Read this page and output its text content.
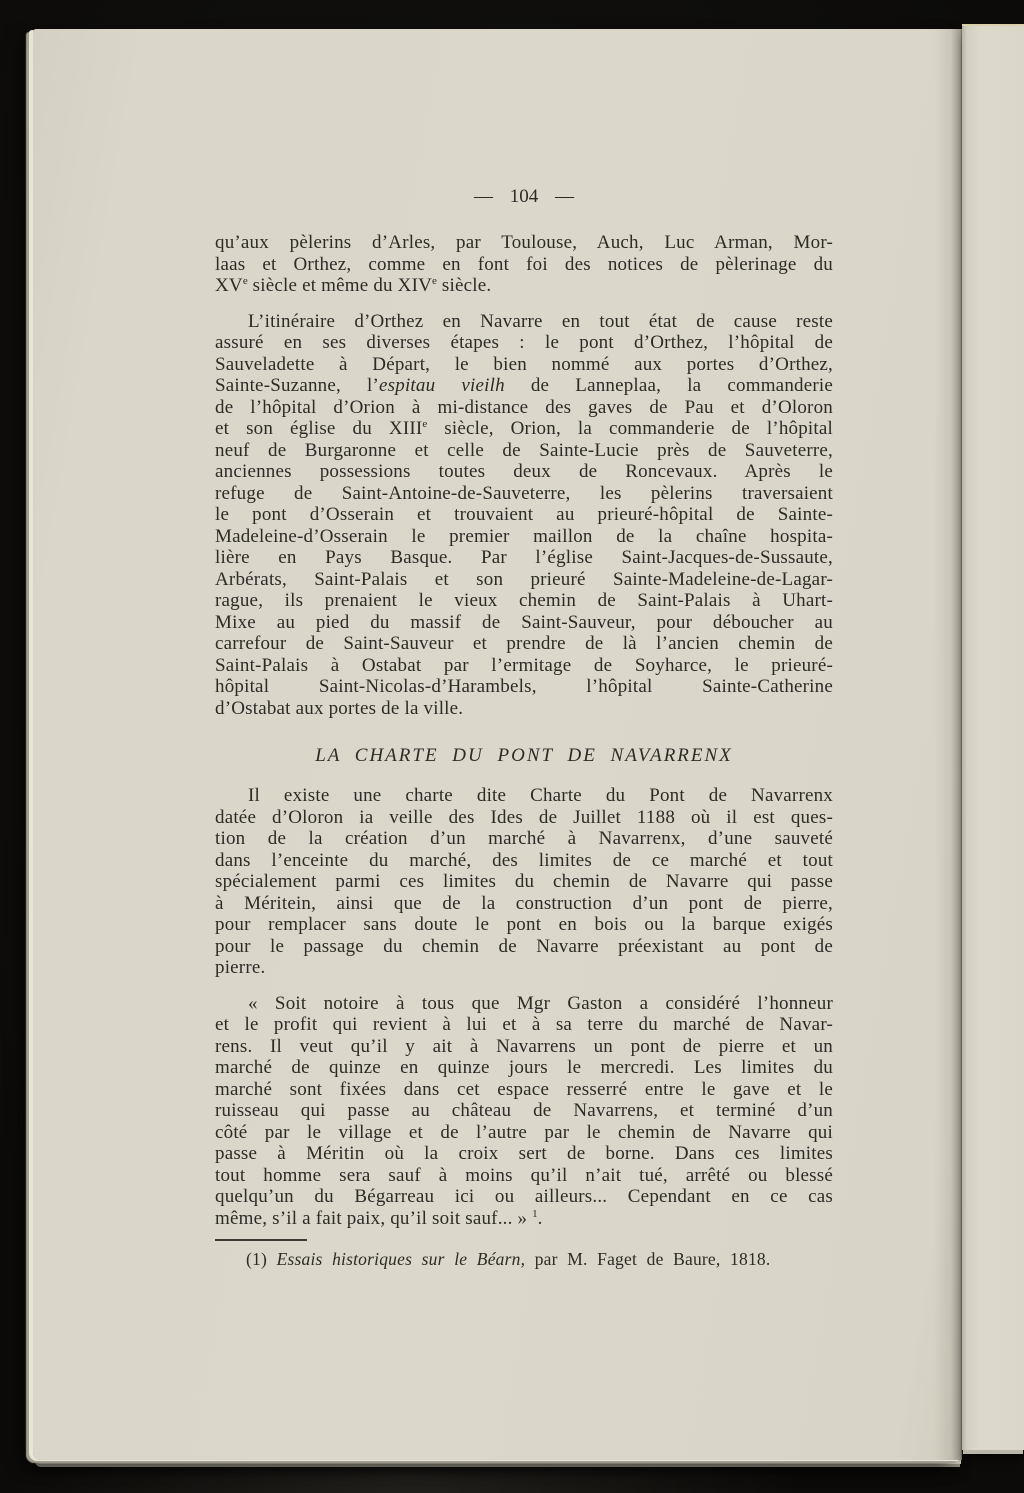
— 104 —
qu’aux pèlerins d’Arles, par Toulouse, Auch, Luc Arman, Mor-
laas et Orthez, comme en font foi des notices de pèlerinage du
XVe siècle et même du XIVe siècle.
L’itinéraire d’Orthez en Navarre en tout état de cause reste
assuré en ses diverses étapes : le pont d’Orthez, l’hôpital de
Sauveladette à Départ, le bien nommé aux portes d’Orthez,
Sainte-Suzanne, l’espitau vieilh de Lanneplaa, la commanderie
de l’hôpital d’Orion à mi-distance des gaves de Pau et d’Oloron
et son église du XIIIe siècle, Orion, la commanderie de l’hôpital
neuf de Burgaronne et celle de Sainte-Lucie près de Sauveterre,
anciennes possessions toutes deux de Roncevaux. Après le
refuge de Saint-Antoine-de-Sauveterre, les pèlerins traversaient
le pont d’Osserain et trouvaient au prieuré-hôpital de Sainte-
Madeleine-d’Osserain le premier maillon de la chaîne hospita-
lière en Pays Basque. Par l’église Saint-Jacques-de-Sussaute,
Arbérats, Saint-Palais et son prieuré Sainte-Madeleine-de-Lagar-
rague, ils prenaient le vieux chemin de Saint-Palais à Uhart-
Mixe au pied du massif de Saint-Sauveur, pour déboucher au
carrefour de Saint-Sauveur et prendre de là l’ancien chemin de
Saint-Palais à Ostabat par l’ermitage de Soyharce, le prieuré-
hôpital Saint-Nicolas-d’Harambels, l’hôpital Sainte-Catherine
d’Ostabat aux portes de la ville.
LA CHARTE DU PONT DE NAVARRENX
Il existe une charte dite Charte du Pont de Navarrenx
datée d’Oloron ia veille des Ides de Juillet 1188 où il est ques-
tion de la création d’un marché à Navarrenx, d’une sauveté
dans l’enceinte du marché, des limites de ce marché et tout
spécialement parmi ces limites du chemin de Navarre qui passe
à Méritein, ainsi que de la construction d’un pont de pierre,
pour remplacer sans doute le pont en bois ou la barque exigés
pour le passage du chemin de Navarre préexistant au pont de
pierre.
« Soit notoire à tous que Mgr Gaston a considéré l’honneur
et le profit qui revient à lui et à sa terre du marché de Navar-
rens. Il veut qu’il y ait à Navarrens un pont de pierre et un
marché de quinze en quinze jours le mercredi. Les limites du
marché sont fixées dans cet espace resserré entre le gave et le
ruisseau qui passe au château de Navarrens, et terminé d’un
côté par le village et de l’autre par le chemin de Navarre qui
passe à Méritin où la croix sert de borne. Dans ces limites
tout homme sera sauf à moins qu’il n’ait tué, arrêté ou blessé
quelqu’un du Bégarreau ici ou ailleurs... Cependant en ce cas
même, s’il a fait paix, qu’il soit sauf... » $^1$.
(1) Essais historiques sur le Béarn, par M. Faget de Baure, 1818.
